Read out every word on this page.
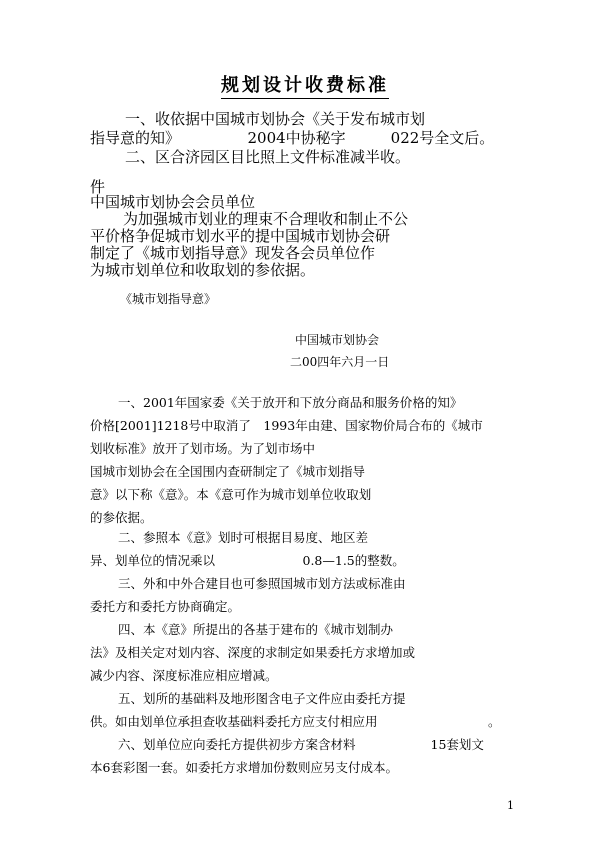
规划设计收费标准
一、收依据中国城市划协会《关于发布城市划
指导意的知》　　　　　2004中协秘字　　　022号全文后。
二、区合济园区目比照上文件标准减半收。
件
中国城市划协会会员单位
为加强城市划业的理束不合理收和制止不公
平价格争促城市划水平的提中国城市划协会研
制定了《城市划指导意》现发各会员单位作
为城市划单位和收取划的参依据。
《城市划指导意》
中国城市划协会
二00四年六月一日
一、2001年国家委《关于放开和下放分商品和服务价格的知》
价格[2001]1218号中取消了　1993年由建、国家物价局合布的《城市
划收标准》放开了划市场。为了划市场中
国城市划协会在全国围内查研制定了《城市划指导
意》以下称《意》。本《意可作为城市划单位收取划
的参依据。
二、参照本《意》划时可根据目易度、地区差
异、划单位的情况乘以　　　　　　　0.8—1.5的整数。
三、外和中外合建目也可参照国城市划方法或标准由
委托方和委托方协商确定。
四、本《意》所提出的各基于建布的《城市划制办
法》及相关定对划内容、深度的求制定如果委托方求增加或
减少内容、深度标准应相应增减。
五、划所的基础料及地形图含电子文件应由委托方提
供。如由划单位承担查收基础料委托方应支付相应用	。
六、划单位应向委托方提供初步方案含材料　　　　　　15套划文
本6套彩图一套。如委托方求增加份数则应另支付成本。
1
